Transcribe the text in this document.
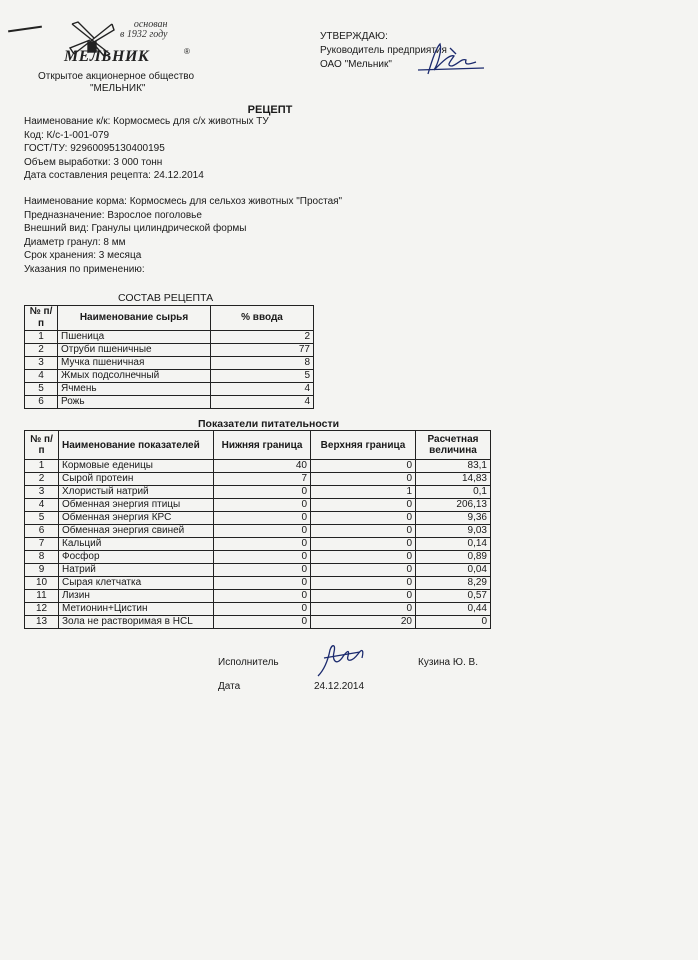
основан
в 1932 году
МЕЛЬНИК	®
Открытое акционерное общество
"МЕЛЬНИК"
УТВЕРЖДАЮ:
Руководитель предприятия
ОАО "Мельник"
РЕЦЕПТ
Наименование к/к: Кормосмесь для с/х животных ТУ
Код: К/с-1-001-079
ГОСТ/ТУ: 92960095130400195
Объем выработки: 3 000 тонн
Дата составления рецепта: 24.12.2014
Наименование корма: Кормосмесь для сельхоз животных "Простая"
Предназначение: Взрослое поголовье
Внешний вид: Гранулы цилиндрической формы
Диаметр гранул: 8 мм
Срок хранения: 3 месяца
Указания по применению:
СОСТАВ РЕЦЕПТА
№ п/п	Наименование сырья	% ввода
1	Пшеница	2
2	Отруби пшеничные	77
3	Мучка пшеничная	8
4	Жмых подсолнечный	5
5	Ячмень	4
6	Рожь	4
Показатели питательности
№ п/п	Наименование показателей	Нижняя граница	Верхняя граница	Расчетная величина
1	Кормовые еденицы	40	0	83,1
2	Сырой протеин	7	0	14,83
3	Хлористый натрий	0	1	0,1
4	Обменная энергия птицы	0	0	206,13
5	Обменная энергия КРС	0	0	9,36
6	Обменная энергия свиней	0	0	9,03
7	Кальций	0	0	0,14
8	Фосфор	0	0	0,89
9	Натрий	0	0	0,04
10	Сырая клетчатка	0	0	8,29
11	Лизин	0	0	0,57
12	Метионин+Цистин	0	0	0,44
13	Зола не растворимая в HCL	0	20	0
Исполнитель	Кузина Ю. В.
Дата	24.12.2014
